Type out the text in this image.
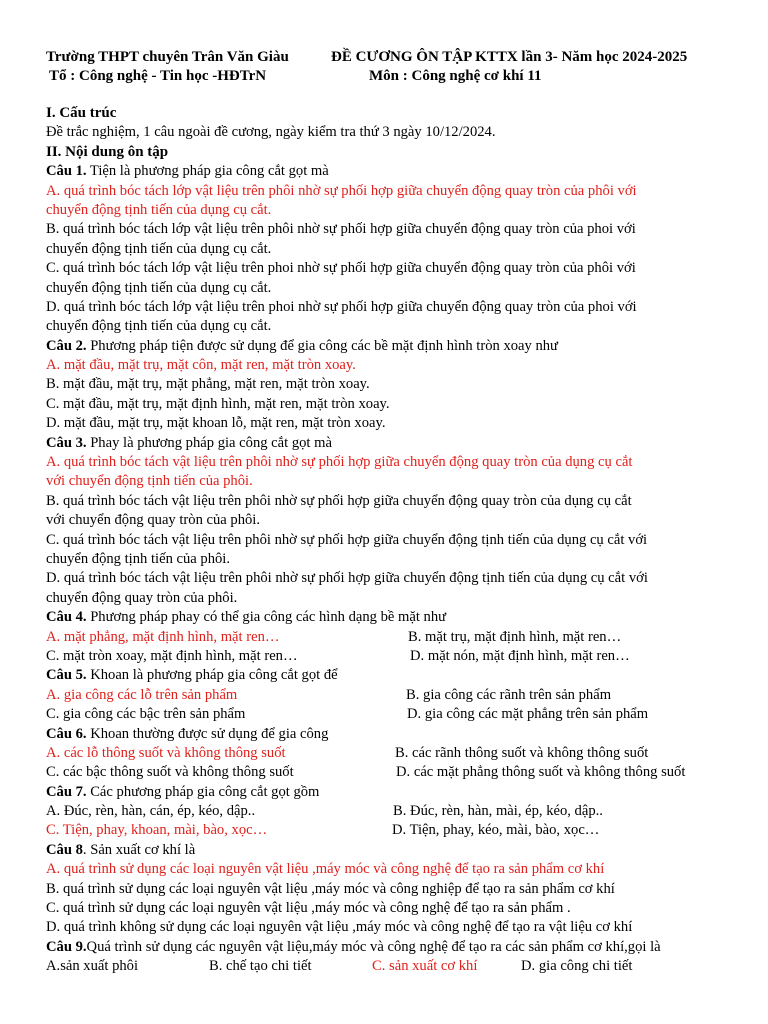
Trường THPT chuyên Trân Văn Giàu	ĐỀ CƯƠNG ÔN TẬP KTTX lần 3- Năm học 2024-2025
Tổ : Công nghệ - Tin học -HĐTrN	Môn : Công nghệ cơ khí 11
I. Cấu trúc
Đề trắc nghiệm, 1 câu ngoài đề cương, ngày kiểm tra thứ 3 ngày 10/12/2024.
II. Nội dung ôn tập
Câu 1. Tiện là phương pháp gia công cắt gọt mà
A. quá trình bóc tách lớp vật liệu trên phôi nhờ sự phối hợp giữa chuyển động quay tròn của phôi với
chuyển động tịnh tiến của dụng cụ cắt.
B. quá trình bóc tách lớp vật liệu trên phôi nhờ sự phối hợp giữa chuyển động quay tròn của phoi với
chuyển động tịnh tiến của dụng cụ cắt.
C. quá trình bóc tách lớp vật liệu trên phoi nhờ sự phối hợp giữa chuyển động quay tròn của phôi với
chuyển động tịnh tiến của dụng cụ cắt.
D. quá trình bóc tách lớp vật liệu trên phoi nhờ sự phối hợp giữa chuyển động quay tròn của phoi với
chuyển động tịnh tiến của dụng cụ cắt.
Câu 2. Phương pháp tiện được sử dụng để gia công các bề mặt định hình tròn xoay như
A. mặt đầu, mặt trụ, mặt côn, mặt ren, mặt tròn xoay.
B. mặt đầu, mặt trụ, mặt phẳng, mặt ren, mặt tròn xoay.
C. mặt đầu, mặt trụ, mặt định hình, mặt ren, mặt tròn xoay.
D. mặt đầu, mặt trụ, mặt khoan lỗ, mặt ren, mặt tròn xoay.
Câu 3. Phay là phương pháp gia công cắt gọt mà
A. quá trình bóc tách vật liệu trên phôi nhờ sự phối hợp giữa chuyển động quay tròn của dụng cụ cắt
với chuyển động tịnh tiến của phôi.
B. quá trình bóc tách vật liệu trên phôi nhờ sự phối hợp giữa chuyển động quay tròn của dụng cụ cắt
với chuyển động quay tròn của phôi.
C. quá trình bóc tách vật liệu trên phôi nhờ sự phối hợp giữa chuyển động tịnh tiến của dụng cụ cắt với
chuyển động tịnh tiến của phôi.
D. quá trình bóc tách vật liệu trên phôi nhờ sự phối hợp giữa chuyển động tịnh tiến của dụng cụ cắt với
chuyển động quay tròn của phôi.
Câu 4. Phương pháp phay có thể gia công các hình dạng bề mặt như
A. mặt phẳng, mặt định hình, mặt ren…	B. mặt trụ, mặt định hình, mặt ren…
C. mặt tròn xoay, mặt định hình, mặt ren…	D. mặt nón, mặt định hình, mặt ren…
Câu 5. Khoan là phương pháp gia công cắt gọt để
A. gia công các lỗ trên sản phẩm	B. gia công các rãnh trên sản phẩm
C. gia công các bậc trên sản phẩm	D. gia công các mặt phẳng trên sản phẩm
Câu 6. Khoan thường được sử dụng để gia công
A. các lỗ thông suốt và không thông suốt	B. các rãnh thông suốt và không thông suốt
C. các bậc thông suốt và không thông suốt	D. các mặt phẳng thông suốt và không thông suốt
Câu 7. Các phương pháp gia công cắt gọt gồm
A. Đúc, rèn, hàn, cán, ép, kéo, dập..	B. Đúc, rèn, hàn, mài, ép, kéo, dập..
C. Tiện, phay, khoan, mài, bào, xọc…	D. Tiện, phay, kéo, mài, bào, xọc…
Câu 8. Sản xuất cơ khí là
A. quá trình sử dụng các loại nguyên vật liệu ,máy móc và công nghệ để tạo ra sản phẩm cơ khí
B. quá trình sử dụng các loại nguyên vật liệu ,máy móc và công nghiệp để tạo ra sản phẩm cơ khí
C. quá trình sử dụng các loại nguyên vật liệu ,máy móc và công nghệ để tạo ra sản phẩm .
D. quá trình không sử dụng các loại nguyên vật liệu ,máy móc và công nghệ để tạo ra vật liệu cơ khí
Câu 9.Quá trình sử dụng các nguyên vật liệu,máy móc và công nghệ để tạo ra các sản phẩm cơ khí,gọi là
A.sản xuất phôi	B. chế tạo chi tiết	C. sản xuất cơ khí	D. gia công chi tiết
